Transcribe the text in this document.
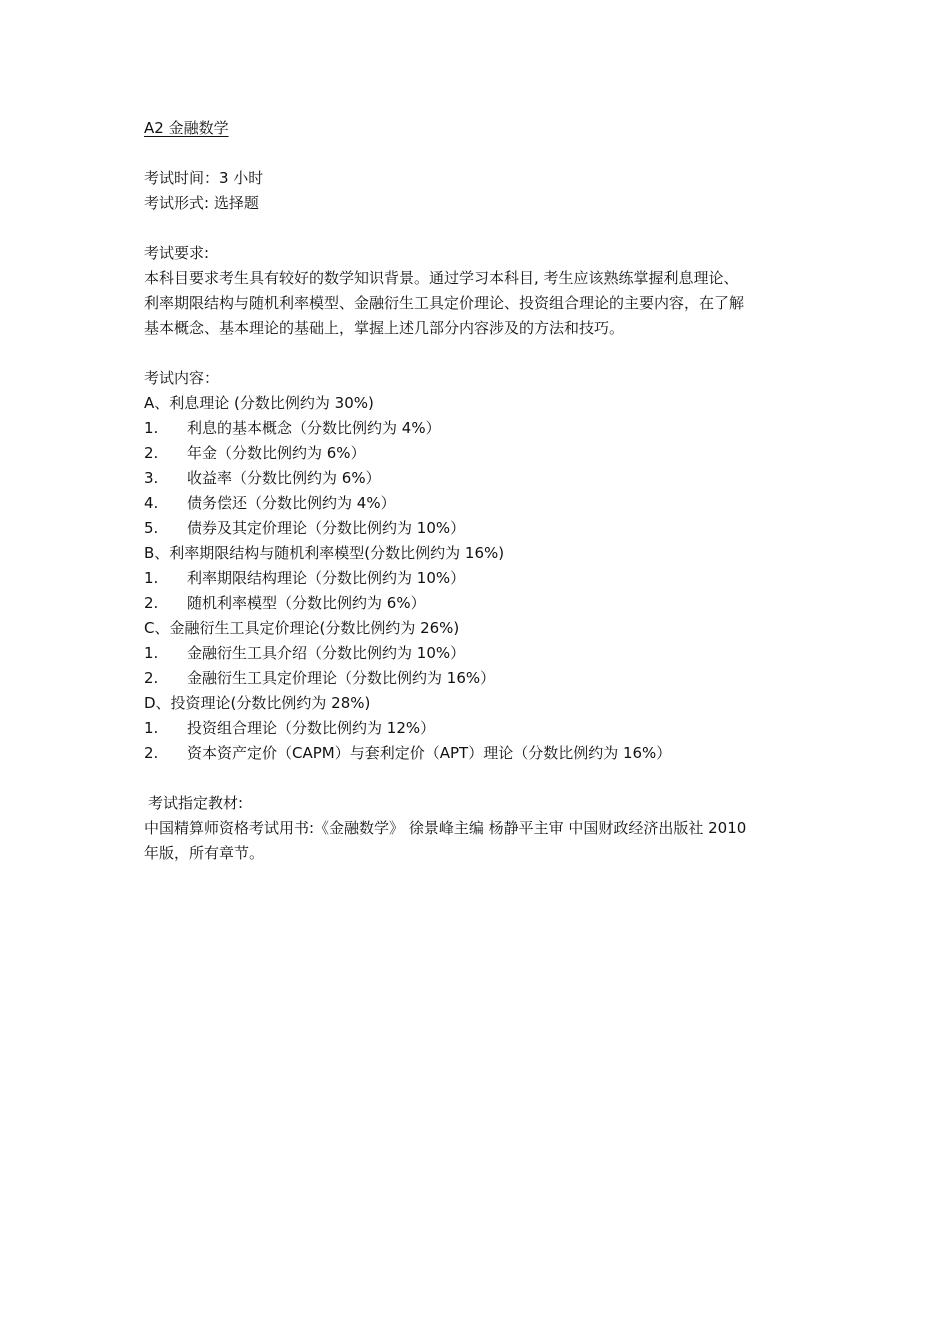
A2 金融数学
考试时间：3 小时
考试形式: 选择题
考试要求:
本科目要求考生具有较好的数学知识背景。通过学习本科目, 考生应该熟练掌握利息理论、
利率期限结构与随机利率模型、金融衍生工具定价理论、投资组合理论的主要内容，在了解
基本概念、基本理论的基础上，掌握上述几部分内容涉及的方法和技巧。
考试内容：
A、利息理论 (分数比例约为 30%)
1.	利息的基本概念（分数比例约为 4%）
2.	年金（分数比例约为 6%）
3.	收益率（分数比例约为 6%）
4.	债务偿还（分数比例约为 4%）
5.	债券及其定价理论（分数比例约为 10%）
B、利率期限结构与随机利率模型(分数比例约为 16%)
1.	利率期限结构理论（分数比例约为 10%）
2.	随机利率模型（分数比例约为 6%）
C、金融衍生工具定价理论(分数比例约为 26%)
1.	金融衍生工具介绍（分数比例约为 10%）
2.	金融衍生工具定价理论（分数比例约为 16%）
D、投资理论(分数比例约为 28%)
1.	投资组合理论（分数比例约为 12%）
2.	资本资产定价（CAPM）与套利定价（APT）理论（分数比例约为 16%）
考试指定教材:
中国精算师资格考试用书:《金融数学》 徐景峰主编 杨静平主审 中国财政经济出版社 2010
年版，所有章节。
